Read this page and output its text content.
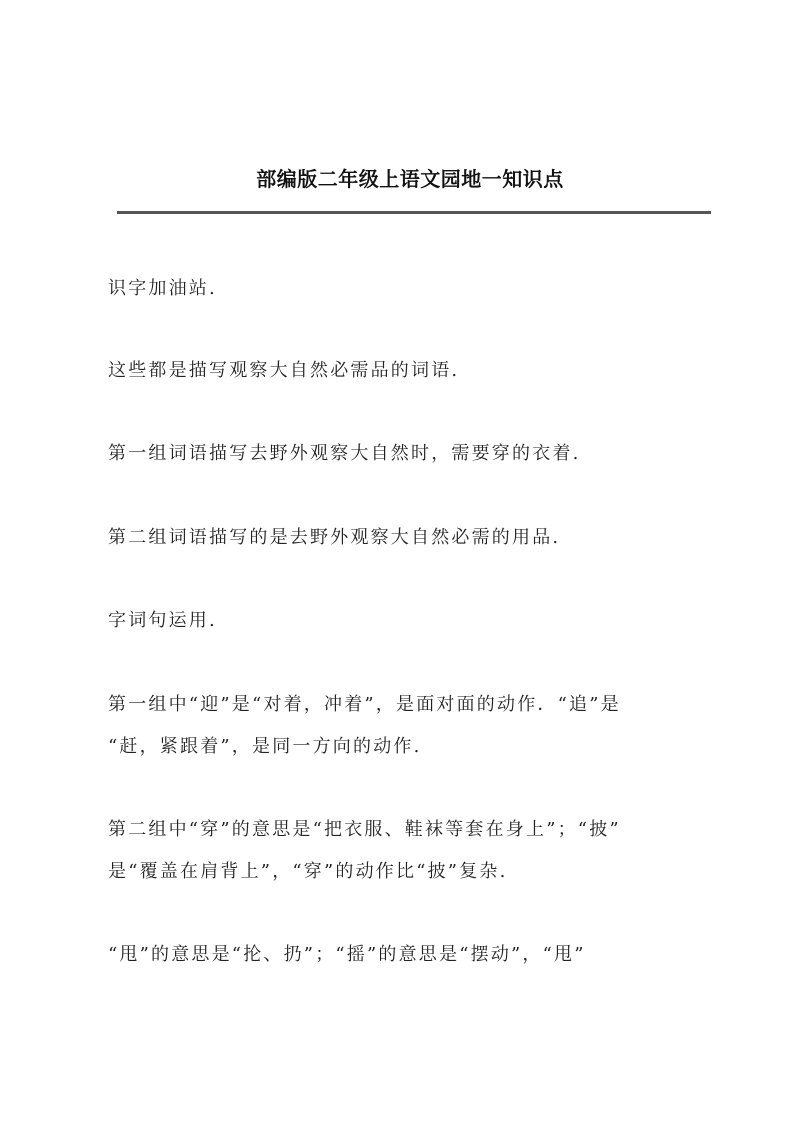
部编版二年级上语文园地一知识点

识字加油站.

这些都是描写观察大自然必需品的词语.

第一组词语描写去野外观察大自然时，需要穿的衣着.

第二组词语描写的是去野外观察大自然必需的用品.

字词句运用.

第一组中“迎”是“对着，冲着”，是面对面的动作．“追”是

“赶，紧跟着”，是同一方向的动作.

第二组中“穿”的意思是“把衣服、鞋袜等套在身上”；“披”

是“覆盖在肩背上”，“穿”的动作比“披”复杂.

“甩”的意思是“抡、扔”；“摇”的意思是“摆动”，“甩”
